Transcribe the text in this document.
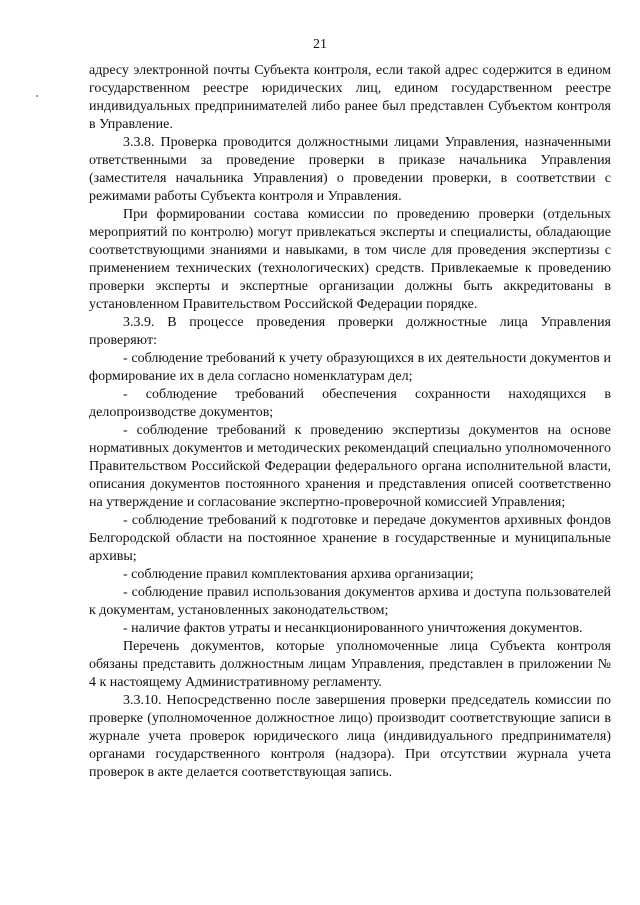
21

адресу электронной почты Субъекта контроля, если такой адрес содержится в едином государственном реестре юридических лиц, едином государственном реестре индивидуальных предпринимателей либо ранее был представлен Субъектом контроля в Управление.

3.3.8. Проверка проводится должностными лицами Управления, назначенными ответственными за проведение проверки в приказе начальника Управления (заместителя начальника Управления) о проведении проверки, в соответствии с режимами работы Субъекта контроля и Управления.

При формировании состава комиссии по проведению проверки (отдельных мероприятий по контролю) могут привлекаться эксперты и специалисты, обладающие соответствующими знаниями и навыками, в том числе для проведения экспертизы с применением технических (технологических) средств. Привлекаемые к проведению проверки эксперты и экспертные организации должны быть аккредитованы в установленном Правительством Российской Федерации порядке.

3.3.9. В процессе проведения проверки должностные лица Управления проверяют:

- соблюдение требований к учету образующихся в их деятельности документов и формирование их в дела согласно номенклатурам дел;

- соблюдение требований обеспечения сохранности находящихся в делопроизводстве документов;

- соблюдение требований к проведению экспертизы документов на основе нормативных документов и методических рекомендаций специально уполномоченного Правительством Российской Федерации федерального органа исполнительной власти, описания документов постоянного хранения и представления описей соответственно на утверждение и согласование экспертно-проверочной комиссией Управления;

- соблюдение требований к подготовке и передаче документов архивных фондов Белгородской области на постоянное хранение в государственные и муниципальные архивы;

- соблюдение правил комплектования архива организации;

- соблюдение правил использования документов архива и доступа пользователей к документам, установленных законодательством;

- наличие фактов утраты и несанкционированного уничтожения документов.

Перечень документов, которые уполномоченные лица Субъекта контроля обязаны представить должностным лицам Управления, представлен в приложении № 4 к настоящему Административному регламенту.

3.3.10. Непосредственно после завершения проверки председатель комиссии по проверке (уполномоченное должностное лицо) производит соответствующие записи в журнале учета проверок юридического лица (индивидуального предпринимателя) органами государственного контроля (надзора). При отсутствии журнала учета проверок в акте делается соответствующая запись.
